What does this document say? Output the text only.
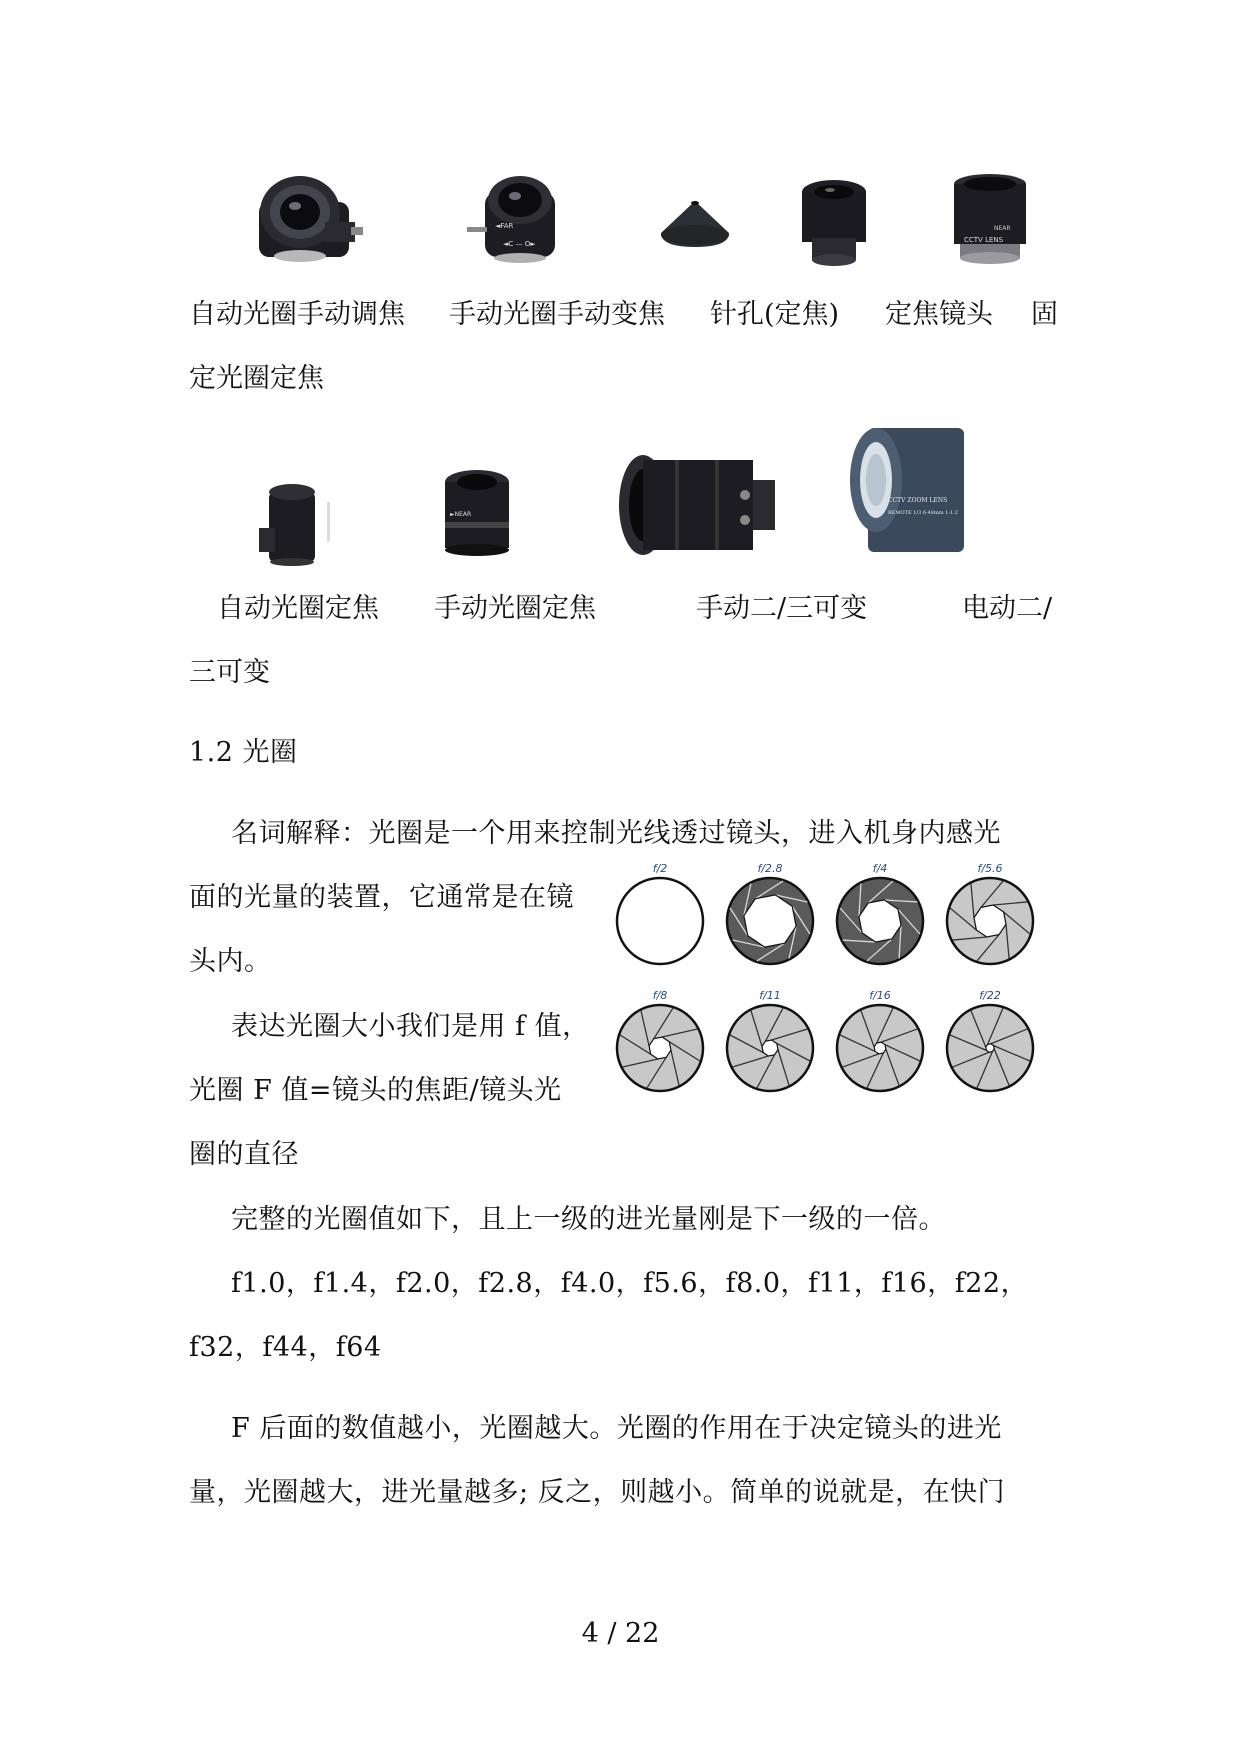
◄FAR
◄C — O►	CCTV LENS
NEAR
自动光圈手动调焦 手动光圈手动变焦 针孔(定焦) 定焦镜头 固
定光圈定焦
►NEAR
CCTV ZOOM LENS
REMOTE 1/3 6-48mm 1:1.2
自动光圈定焦 手动光圈定焦	手动二/三可变	电动二/
三可变
1.2 光圈
名词解释：光圈是一个用来控制光线透过镜头，进入机身内感光
面的光量的装置，它通常是在镜
头内。
表达光圈大小我们是用 f 值，
光圈 F 值=镜头的焦距/镜头光
圈的直径
f/2	f/2.8	f/4	f/5.6
f/8	f/11	f/16	f/22
完整的光圈值如下，且上一级的进光量刚是下一级的一倍。
f1.0，f1.4，f2.0，f2.8，f4.0，f5.6，f8.0，f11，f16，f22，
f32，f44，f64
F 后面的数值越小，光圈越大。光圈的作用在于决定镜头的进光
量，光圈越大，进光量越多; 反之，则越小。简单的说就是，在快门
4 / 22
